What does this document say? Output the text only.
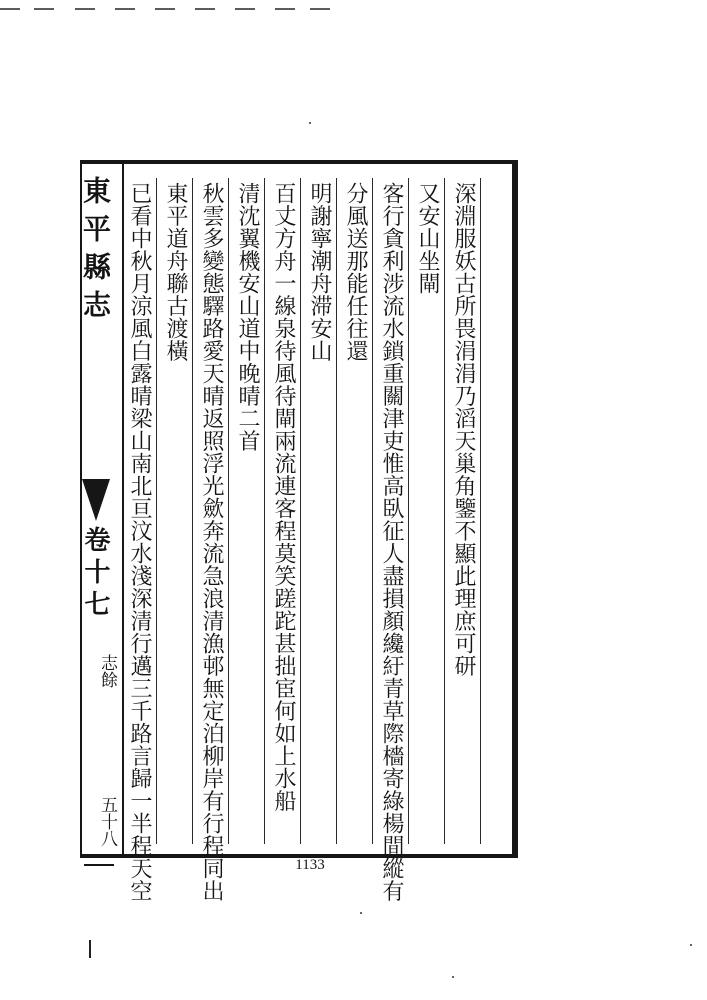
東平縣志
卷十七
志餘
五十八 已看中秋月涼風白露晴梁山南北亘汶水淺深清行邁三千路言歸一半程天空 東平道舟聯古渡橫 秋雲多變態驛路愛天晴返照浮光歛奔流急浪清漁邨無定泊柳岸有行程同出 清沈翼機安山道中晚晴二首 百丈方舟一線泉待風待閘兩流連客程莫笑蹉跎甚拙宦何如上水船 明謝寧潮舟滞安山 分風送那能任往還 客行貪利涉流水鎖重關津吏惟高臥征人盡損顏纔紆青草際檣寄綠楊間縱有 又安山坐閘 深淵服妖古所畏涓涓乃滔天巢角鑒不顯此理庶可研
1133
